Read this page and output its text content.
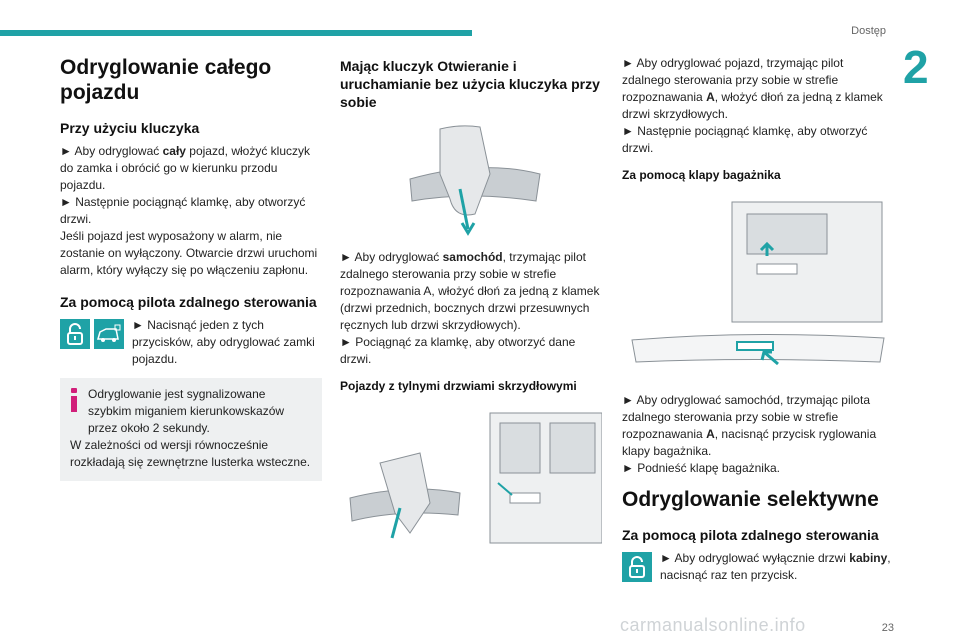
Dostęp
2
Odryglowanie całego pojazdu
Przy użyciu kluczyka

► Aby odryglować cały pojazd, włożyć kluczyk do zamka i obrócić go w kierunku przodu pojazdu.

► Następnie pociągnąć klamkę, aby otworzyć drzwi.

Jeśli pojazd jest wyposażony w alarm, nie zostanie on wyłączony. Otwarcie drzwi uruchomi alarm, który wyłączy się po włączeniu zapłonu.

Za pomocą pilota zdalnego sterowania

► Nacisnąć jeden z tych przycisków, aby odryglować zamki pojazdu.

Odryglowanie jest sygnalizowane szybkim miganiem kierunkowskazów przez około 2 sekundy.

W zależności od wersji równocześnie rozkładają się zewnętrzne lusterka wsteczne.

Mając kluczyk Otwieranie i uruchamianie bez użycia kluczyka przy sobie

► Aby odryglować samochód, trzymając pilot zdalnego sterowania przy sobie w strefie rozpoznawania A, włożyć dłoń za jedną z klamek (drzwi przednich, bocznych drzwi przesuwnych ręcznych lub drzwi skrzydłowych).

► Pociągnąć za klamkę, aby otworzyć dane drzwi.

Pojazdy z tylnymi drzwiami skrzydłowymi

► Aby odryglować pojazd, trzymając pilot zdalnego sterowania przy sobie w strefie rozpoznawania A, włożyć dłoń za jedną z klamek drzwi skrzydłowych.

► Następnie pociągnąć klamkę, aby otworzyć drzwi.

Za pomocą klapy bagażnika

► Aby odryglować samochód, trzymając pilota zdalnego sterowania przy sobie w strefie rozpoznawania

A, nacisnąć przycisk ryglowania klapy bagażnika.

► Podnieść klapę bagażnika.

Odryglowanie selektywne
Za pomocą pilota zdalnego sterowania

► Aby odryglować wyłącznie drzwi kabiny, nacisnąć raz ten przycisk.

carmanualsonline.info	23
